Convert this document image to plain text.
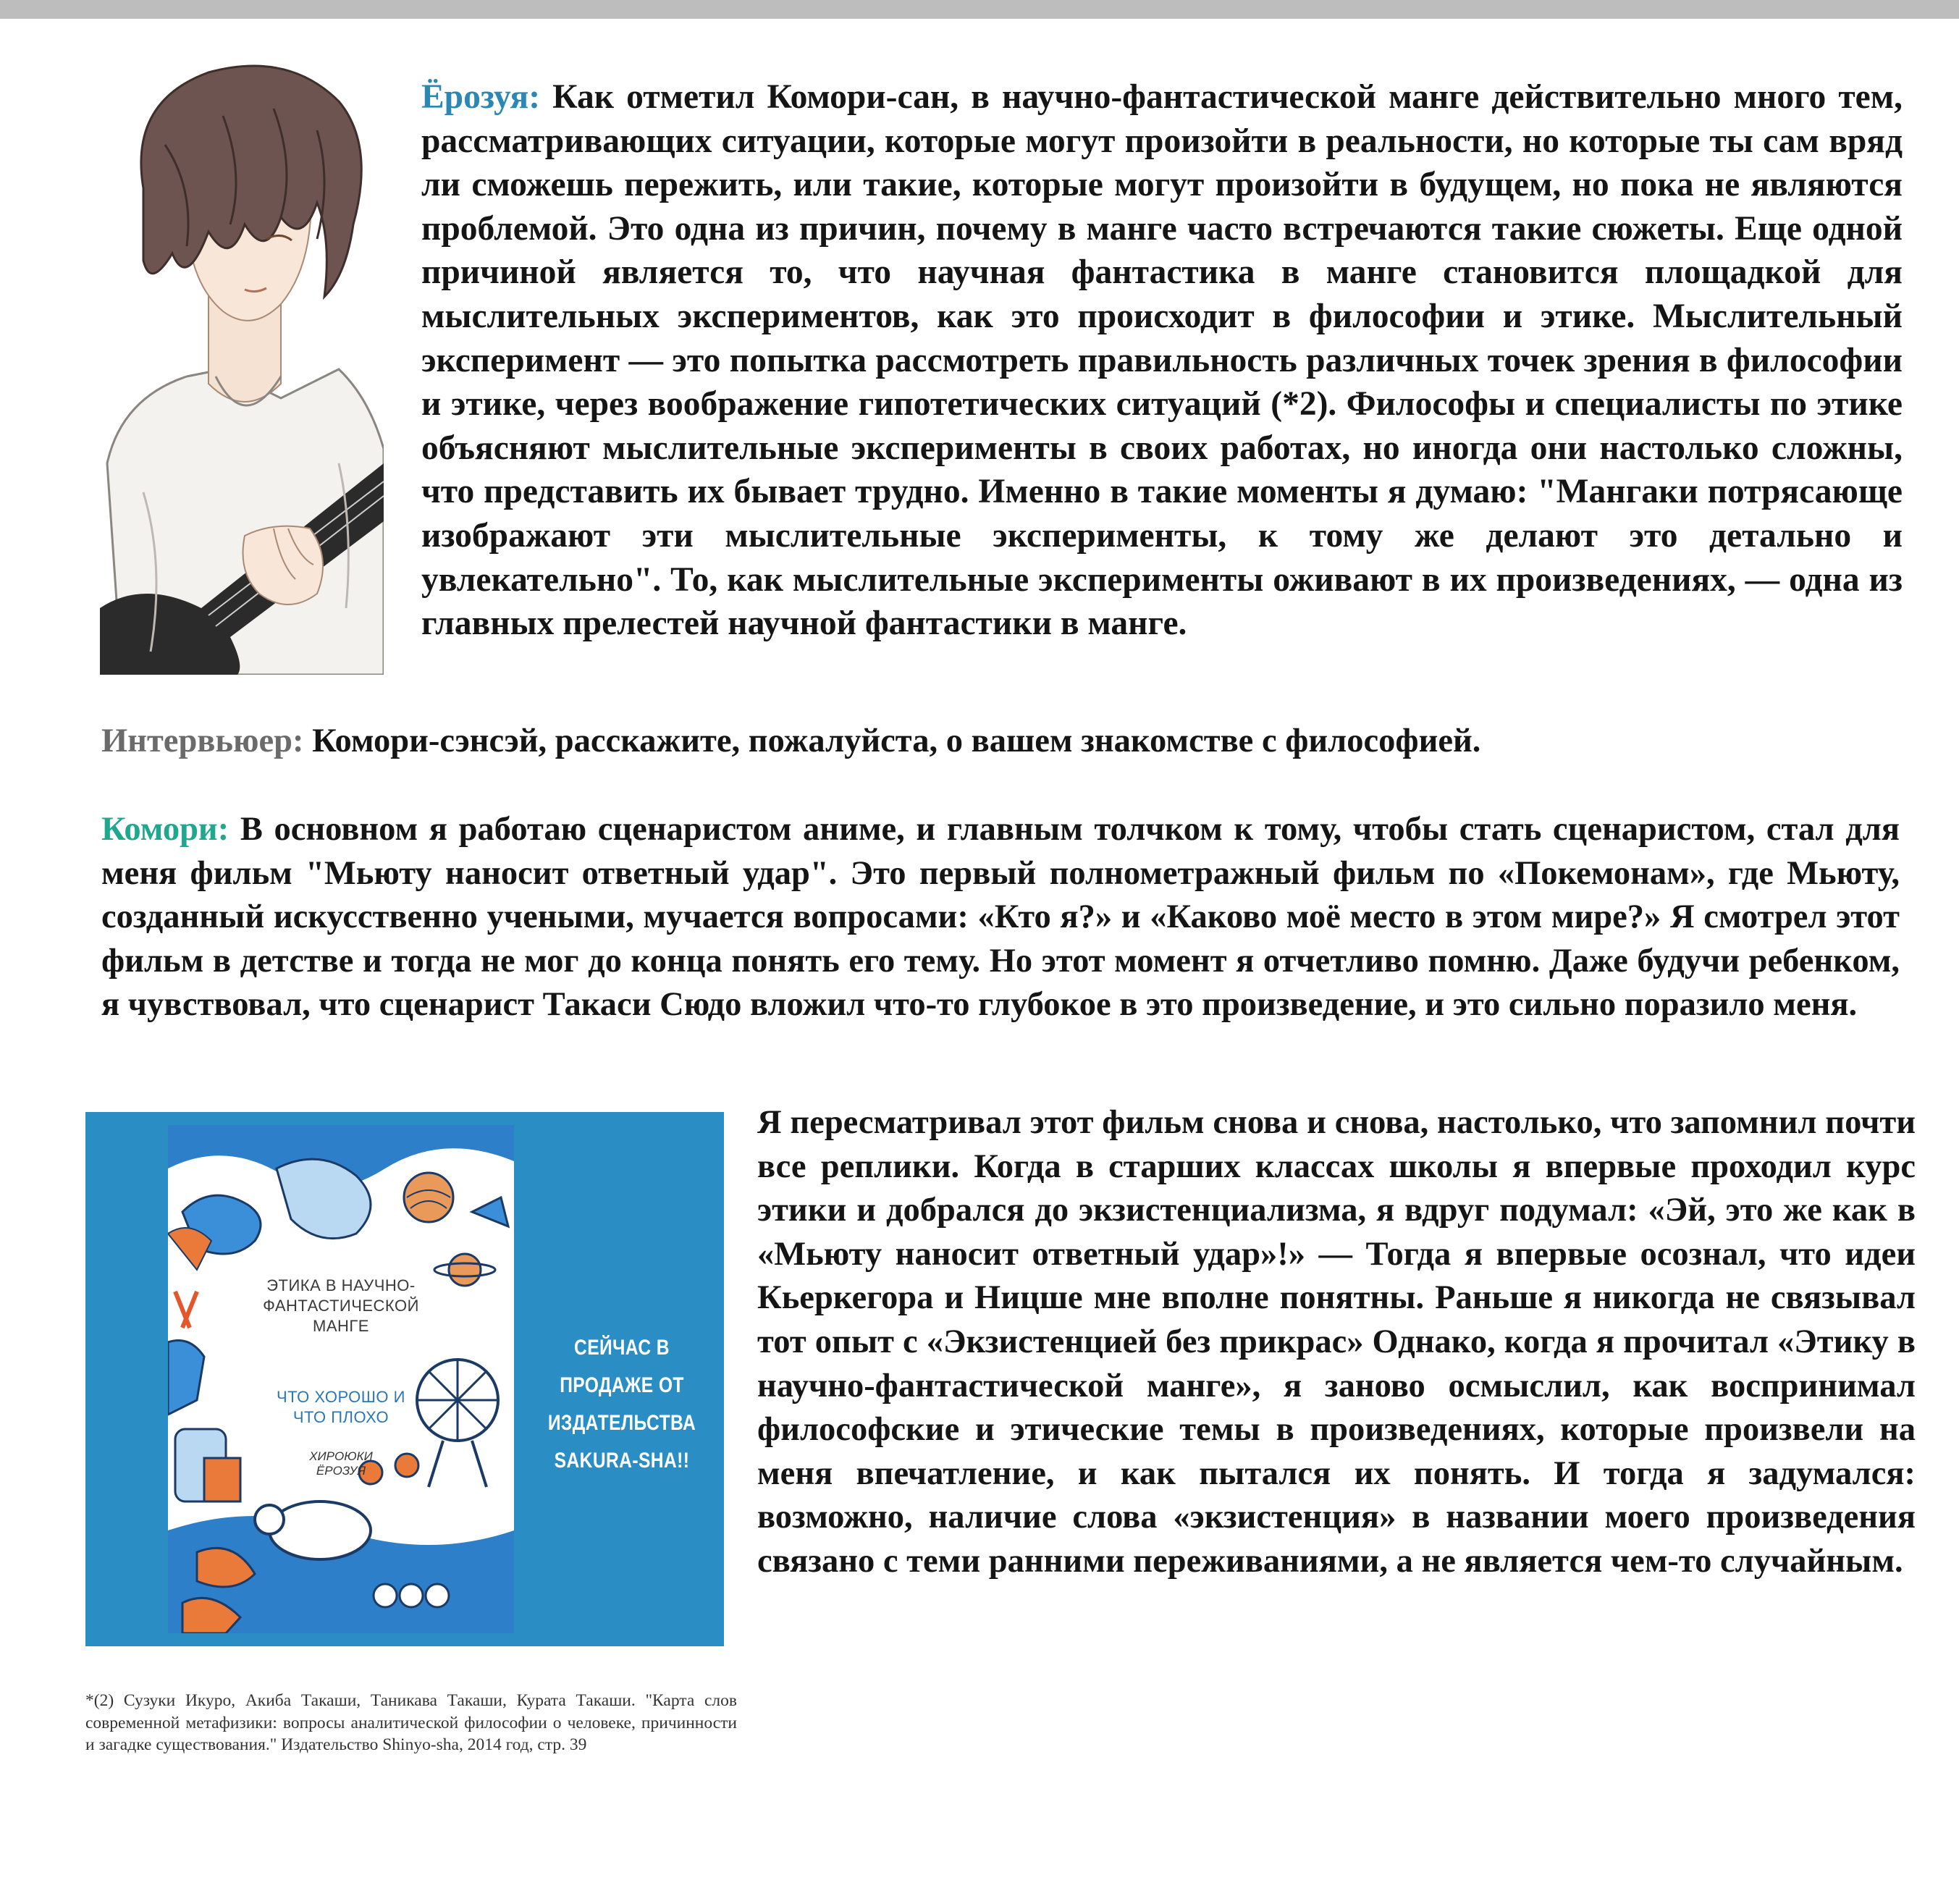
Ёрозуя: Как отметил Комори-сан, в научно-фантастической манге действительно много тем, рассматривающих ситуации, которые могут произойти в реальности, но которые ты сам вряд ли сможешь пережить, или такие, которые могут произойти в будущем, но пока не являются проблемой. Это одна из причин, почему в манге часто встречаются такие сюжеты. Еще одной причиной является то, что научная фантастика в манге становится площадкой для мыслительных экспериментов, как это происходит в философии и этике. Мыслительный эксперимент — это попытка рассмотреть правильность различных точек зрения в философии и этике, через воображение гипотетических ситуаций (*2). Философы и специалисты по этике объясняют мыслительные эксперименты в своих работах, но иногда они настолько сложны, что представить их бывает трудно. Именно в такие моменты я думаю: "Мангаки потрясающе изображают эти мыслительные эксперименты, к тому же делают это детально и увлекательно". То, как мыслительные эксперименты оживают в их произведениях, — одна из главных прелестей научной фантастики в манге.

Интервьюер: Комори-сэнсэй, расскажите, пожалуйста, о вашем знакомстве с философией.

Комори: В основном я работаю сценаристом аниме, и главным толчком к тому, чтобы стать сценаристом, стал для меня фильм "Мьюту наносит ответный удар". Это первый полнометражный фильм по «Покемонам», где Мьюту, созданный искусственно учеными, мучается вопросами: «Кто я?» и «Каково моё место в этом мире?» Я смотрел этот фильм в детстве и тогда не мог до конца понять его тему. Но этот момент я отчетливо помню. Даже будучи ребенком, я чувствовал, что сценарист Такаси Сюдо вложил что-то глубокое в это произведение, и это сильно поразило меня.

ЭТИКА В НАУЧНО-ФАНТАСТИЧЕСКОЙ МАНГЕ
ЧТО ХОРОШО И ЧТО ПЛОХО
ХИРОЮКИ ЁРОЗУЯ
СЕЙЧАС В ПРОДАЖЕ ОТ ИЗДАТЕЛЬСТВА SAKURA-SHA!!

Я пересматривал этот фильм снова и снова, настолько, что запомнил почти все реплики. Когда в старших классах школы я впервые проходил курс этики и добрался до экзистенциализма, я вдруг подумал: «Эй, это же как в «Мьюту наносит ответный удар»!» — Тогда я впервые осознал, что идеи Кьеркегора и Ницше мне вполне понятны. Раньше я никогда не связывал тот опыт с «Экзистенцией без прикрас» Однако, когда я прочитал «Этику в научно-фантастической манге», я заново осмыслил, как воспринимал философские и этические темы в произведениях, которые произвели на меня впечатление, и как пытался их понять. И тогда я задумался: возможно, наличие слова «экзистенция» в названии моего произведения связано с теми ранними переживаниями, а не является чем-то случайным.

*(2) Сузуки Икуро, Акиба Такаши, Таникава Такаши, Курата Такаши. "Карта слов современной метафизики: вопросы аналитической философии о человеке, причинности и загадке существования." Издательство Shinyo-sha, 2014 год, стр. 39
